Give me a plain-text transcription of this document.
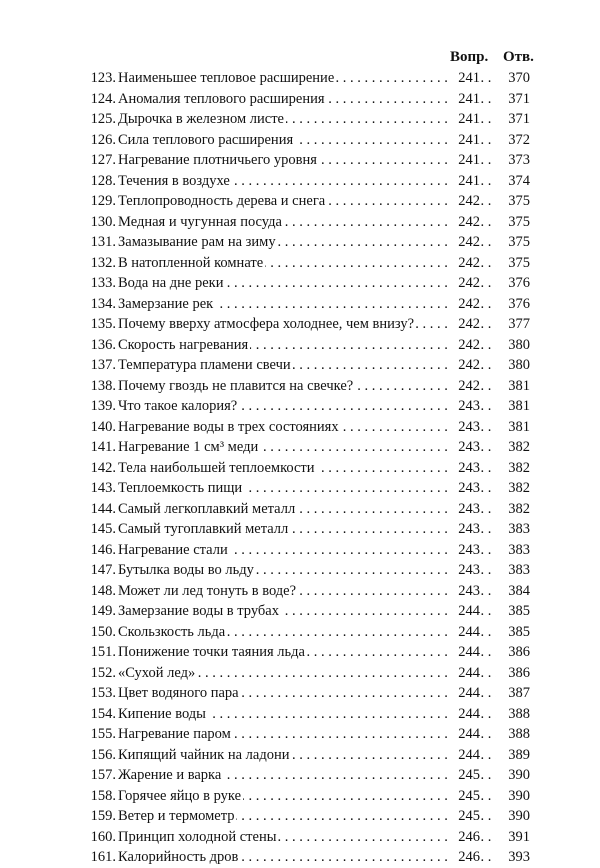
Вопр. Отв.
123. Наименьшее тепловое расширение . . .	241	370
124. Аномалия теплового расширения . . .	241	371
125. Дырочка в железном листе . . .	241	371
126. Сила теплового расширения . . .	241	372
127. Нагревание плотничьего уровня . . .	241	373
128. Течения в воздухе . . .	241	374
129. Теплопроводность дерева и снега . . .	242	375
130. Медная и чугунная посуда . . .	242	375
131. Замазывание рам на зиму . . .	242	375
132. В натопленной комнате . . .	242	375
133. Вода на дне реки . . .	242	376
134. Замерзание рек . . .	242	376
135. Почему вверху атмосфера холоднее, чем внизу? . . .	242	377
136. Скорость нагревания . . .	242	380
137. Температура пламени свечи . . .	242	380
138. Почему гвоздь не плавится на свечке? . . .	242	381
139. Что такое калория? . . .	243	381
140. Нагревание воды в трех состояниях . . .	243	381
141. Нагревание 1 см³ меди . . .	243	382
142. Тела наибольшей теплоемкости . . .	243	382
143. Теплоемкость пищи . . .	243	382
144. Самый легкоплавкий металл . . .	243	382
145. Самый тугоплавкий металл . . .	243	383
146. Нагревание стали . . .	243	383
147. Бутылка воды во льду . . .	243	383
148. Может ли лед тонуть в воде? . . .	243	384
149. Замерзание воды в трубах . . .	244	385
150. Скользкость льда . . .	244	385
151. Понижение точки таяния льда . . .	244	386
152. «Сухой лед» . . .	244	386
153. Цвет водяного пара . . .	244	387
154. Кипение воды . . .	244	388
155. Нагревание паром . . .	244	388
156. Кипящий чайник на ладони . . .	244	389
157. Жарение и варка . . .	245	390
158. Горячее яйцо в руке . . .	245	390
159. Ветер и термометр . . .	245	390
160. Принцип холодной стены . . .	246	391
161. Калорийность дров . . .	246	393
